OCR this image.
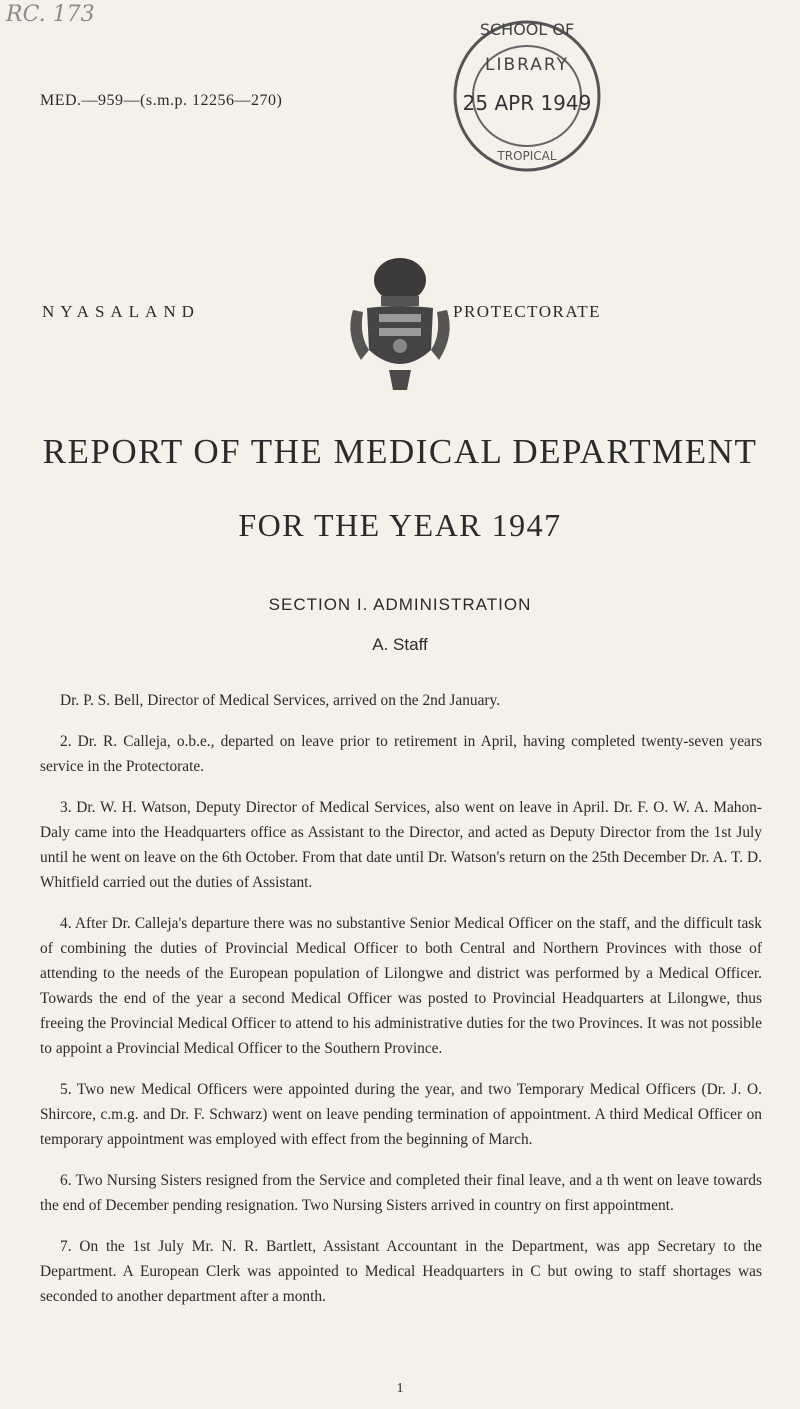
RC. 173
MED.—959—(s.m.p. 12256—270)
SCHOOL OF
LIBRARY
25 APR 1949
TROPICAL
NYASALAND	PROTECTORATE
REPORT OF THE MEDICAL DEPARTMENT
FOR THE YEAR 1947
SECTION I. ADMINISTRATION
A. Staff

Dr. P. S. Bell, Director of Medical Services, arrived on the 2nd January.

2. Dr. R. Calleja, o.b.e., departed on leave prior to retirement in April, having completed twenty-seven years service in the Protectorate.

3. Dr. W. H. Watson, Deputy Director of Medical Services, also went on leave in April. Dr. F. O. W. A. Mahon-Daly came into the Headquarters office as Assistant to the Director, and acted as Deputy Director from the 1st July until he went on leave on the 6th October. From that date until Dr. Watson's return on the 25th December Dr. A. T. D. Whitfield carried out the duties of Assistant.

4. After Dr. Calleja's departure there was no substantive Senior Medical Officer on the staff, and the difficult task of combining the duties of Provincial Medical Officer to both Central and Northern Provinces with those of attending to the needs of the European population of Lilongwe and district was performed by a Medical Officer. Towards the end of the year a second Medical Officer was posted to Provincial Headquarters at Lilongwe, thus freeing the Provincial Medical Officer to attend to his administrative duties for the two Provinces. It was not possible to appoint a Provincial Medical Officer to the Southern Province.

5. Two new Medical Officers were appointed during the year, and two Temporary Medical Officers (Dr. J. O. Shircore, c.m.g. and Dr. F. Schwarz) went on leave pending termination of appointment. A third Medical Officer on temporary appointment was employed with effect from the beginning of March.

6. Two Nursing Sisters resigned from the Service and completed their final leave, and a th went on leave towards the end of December pending resignation. Two Nursing Sisters arrived in country on first appointment.

7. On the 1st July Mr. N. R. Bartlett, Assistant Accountant in the Department, was app Secretary to the Department. A European Clerk was appointed to Medical Headquarters in C but owing to staff shortages was seconded to another department after a month.

1
